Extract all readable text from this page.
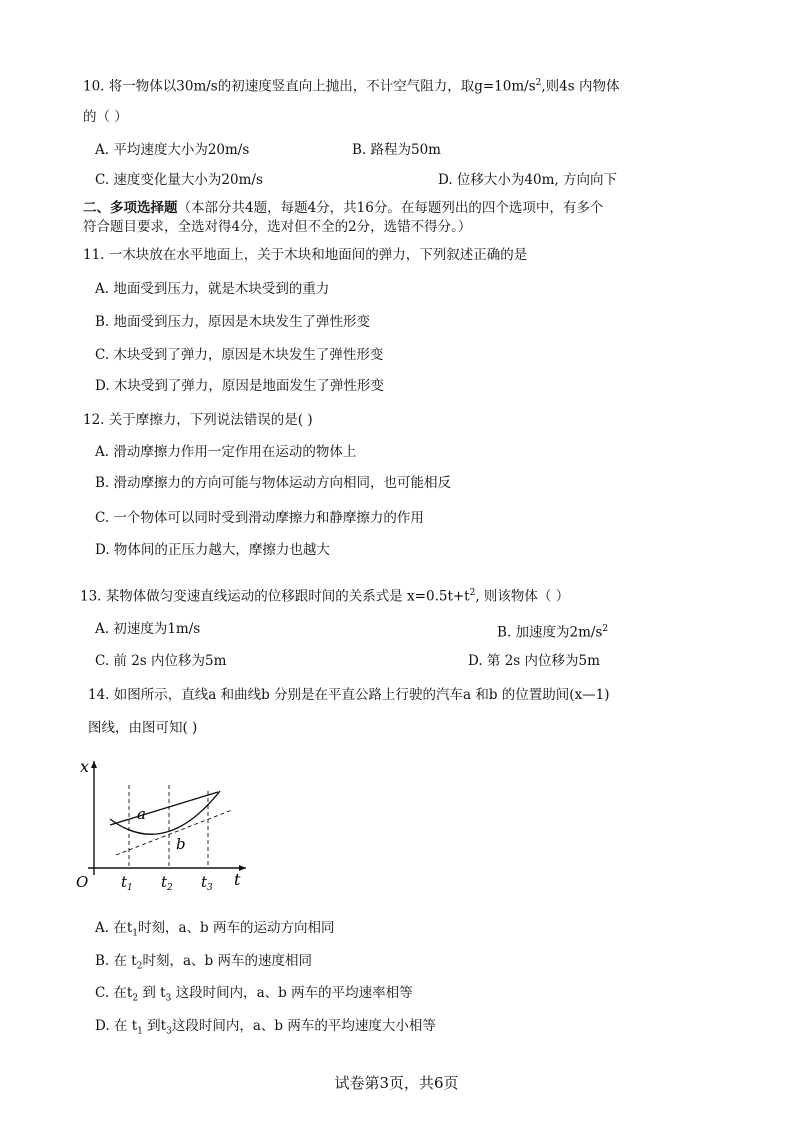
10. 将一物体以30m/s的初速度竖直向上抛出，不计空气阻力，取$g=10m/s^2$,则4s 内物体
的（ ）
A. 平均速度大小为20m/s	B. 路程为50m
C. 速度变化量大小为20m/s	D. 位移大小为40m, 方向向下
二、多项选择题（本部分共4题，每题4分，共16分。在每题列出的四个选项中，有多个
符合题目要求，全选对得4分，选对但不全的2分，选错不得分。）
11. 一木块放在水平地面上，关于木块和地面间的弹力，下列叙述正确的是
A. 地面受到压力，就是木块受到的重力
B. 地面受到压力，原因是木块发生了弹性形变
C. 木块受到了弹力，原因是木块发生了弹性形变
D. 木块受到了弹力，原因是地面发生了弹性形变
12. 关于摩擦力，下列说法错误的是( )
A. 滑动摩擦力作用一定作用在运动的物体上
B. 滑动摩擦力的方向可能与物体运动方向相同，也可能相反
C. 一个物体可以同时受到滑动摩擦力和静摩擦力的作用
D. 物体间的正压力越大，摩擦力也越大
13. 某物体做匀变速直线运动的位移跟时间的关系式是 $x=0.5t+t^2$, 则该物体（ ）
A. 初速度为1m/s	B. 加速度为$2m/s^2$
C. 前 2s 内位移为5m	D. 第 2s 内位移为5m
14. 如图所示，直线a 和曲线b 分别是在平直公路上行驶的汽车a 和b 的位置助间(x—1)
图线，由图可知( )
x
O	t
a
b
$t_1$ $t_2$ $t_3$
A. 在$t_1$时刻，a、b 两车的运动方向相同
B. 在 $t_2$时刻，a、b 两车的速度相同
C. 在$t_2$ 到 $t_3$ 这段时间内，a、b 两车的平均速率相等
D. 在 $t_1$ 到$t_3$这段时间内，a、b 两车的平均速度大小相等
试卷第3页，共6页
